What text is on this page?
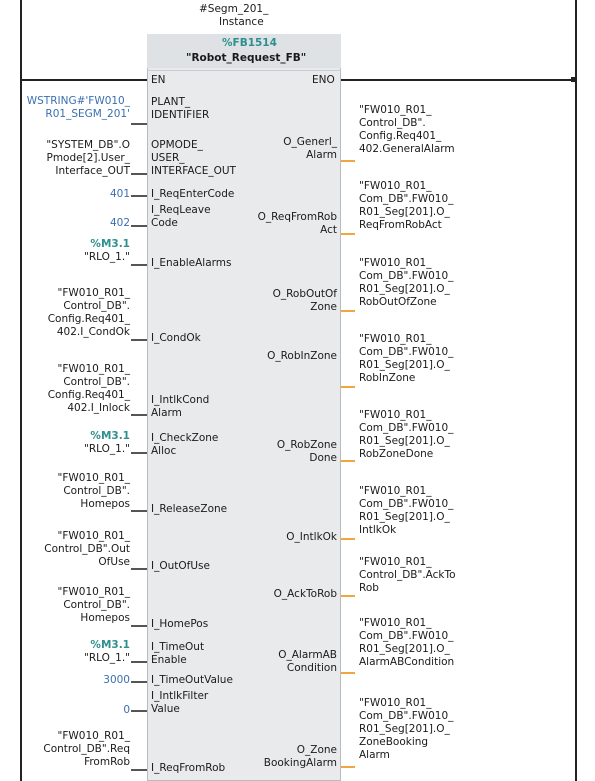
#Segm_201_
Instance
%FB1514
"Robot_Request_FB"
EN	ENO
PLANT_
IDENTIFIER
WSTRING#'FW010_
R01_SEGM_201'
OPMODE_
USER_
INTERFACE_OUT
"SYSTEM_DB".O
Pmode[2].User_
Interface_OUT
I_ReqEnterCode
401
I_ReqLeave
Code
402
I_EnableAlarms
%M3.1
"RLO_1."
I_CondOk
"FW010_R01_
Control_DB".
Config.Req401_
402.I_CondOk
I_IntlkCond
Alarm
"FW010_R01_
Control_DB".
Config.Req401_
402.I_Inlock
I_CheckZone
Alloc
%M3.1
"RLO_1."
I_ReleaseZone
"FW010_R01_
Control_DB".
Homepos
I_OutOfUse
"FW010_R01_
Control_DB".Out
OfUse
I_HomePos
"FW010_R01_
Control_DB".
Homepos
I_TimeOut
Enable
%M3.1
"RLO_1."
I_TimeOutValue
3000
I_IntlkFilter
Value
0
I_ReqFromRob
"FW010_R01_
Control_DB".Req
FromRob
O_Generl_
Alarm
"FW010_R01_
Control_DB".
Config.Req401_
402.GeneralAlarm
O_ReqFromRob
Act
"FW010_R01_
Com_DB".FW010_
R01_Seg[201].O_
ReqFromRobAct
O_RobOutOf
Zone
"FW010_R01_
Com_DB".FW010_
R01_Seg[201].O_
RobOutOfZone
O_RobInZone
"FW010_R01_
Com_DB".FW010_
R01_Seg[201].O_
RobInZone
O_RobZone
Done
"FW010_R01_
Com_DB".FW010_
R01_Seg[201].O_
RobZoneDone
O_IntlkOk
"FW010_R01_
Com_DB".FW010_
R01_Seg[201].O_
IntlkOk
O_AckToRob
"FW010_R01_
Control_DB".AckTo
Rob
O_AlarmAB
Condition
"FW010_R01_
Com_DB".FW010_
R01_Seg[201].O_
AlarmABCondition
O_Zone
BookingAlarm
"FW010_R01_
Com_DB".FW010_
R01_Seg[201].O_
ZoneBooking
Alarm
